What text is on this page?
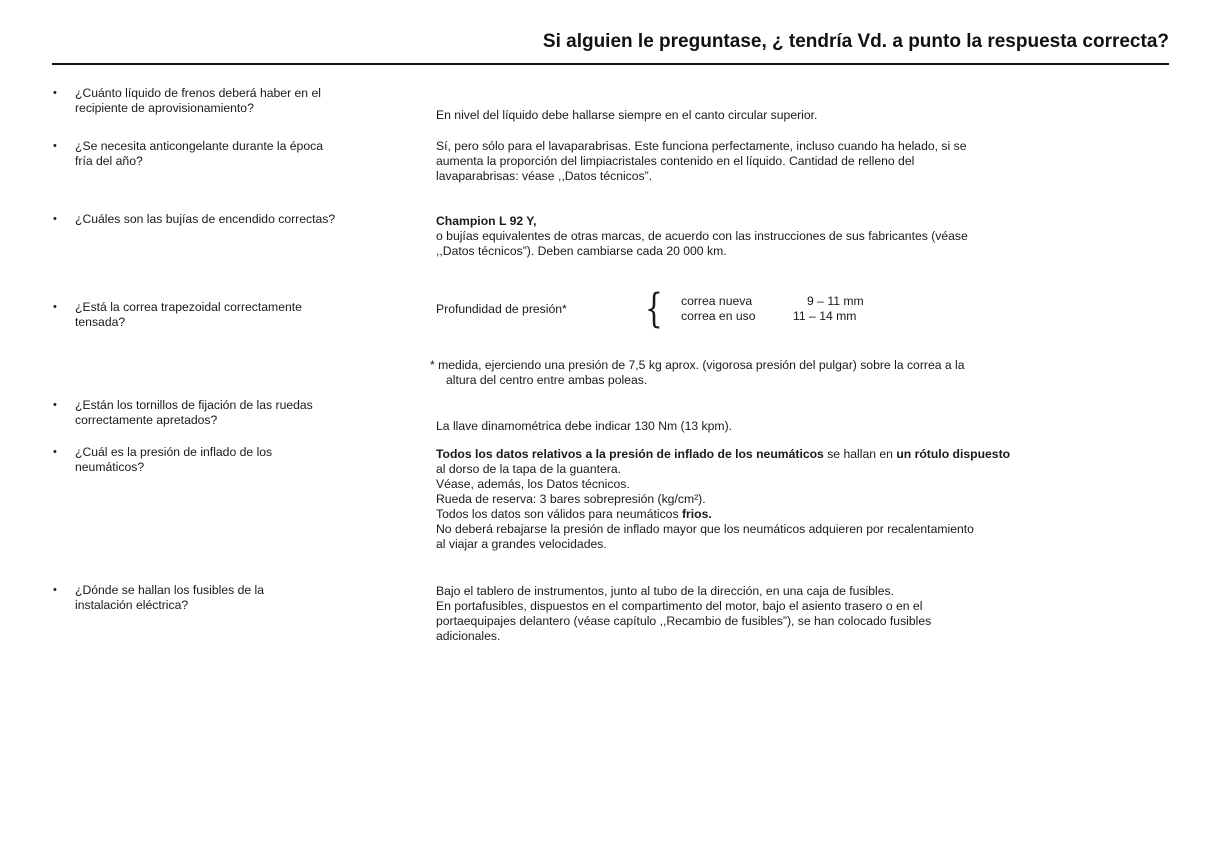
Si alguien le preguntase, ¿ tendría Vd. a punto la respuesta correcta?
•	¿Cuánto líquido de frenos deberá haber en el
recipiente de aprovisionamiento?	En nivel del líquido debe hallarse siempre en el canto circular superior.
•	¿Se necesita anticongelante durante la época
fría del año?
Sí, pero sólo para el lavaparabrisas. Este funciona perfectamente, incluso cuando ha helado, si se
aumenta la proporción del limpiacristales contenido en el líquido. Cantidad de relleno del
lavaparabrisas: véase ,,Datos técnicos”.
•	¿Cuáles son las bujías de encendido correctas?	Champion L 92 Y,
o bujías equivalentes de otras marcas, de acuerdo con las instrucciones de sus fabricantes (véase
,,Datos técnicos”). Deben cambiarse cada 20 000 km.
•	¿Está la correa trapezoidal correctamente
tensada?
Profundidad de presión*	{ correa nueva	9 – 11 mm
correa en uso	11 – 14 mm
* medida, ejerciendo una presión de 7,5 kg aprox. (vigorosa presión del pulgar) sobre la correa a la
altura del centro entre ambas poleas.
•	¿Están los tornillos de fijación de las ruedas
correctamente apretados?	La llave dinamométrica debe indicar 130 Nm (13 kpm).
•	¿Cuál es la presión de inflado de los
neumáticos?
Todos los datos relativos a la presión de inflado de los neumáticos se hallan en un rótulo dispuesto
al dorso de la tapa de la guantera.
Véase, además, los Datos técnicos.
Rueda de reserva: 3 bares sobrepresión (kg/cm²).
Todos los datos son válidos para neumáticos frios.
No deberá rebajarse la presión de inflado mayor que los neumáticos adquieren por recalentamiento
al viajar a grandes velocidades.
•	¿Dónde se hallan los fusibles de la
instalación eléctrica?
Bajo el tablero de instrumentos, junto al tubo de la dirección, en una caja de fusibles.
En portafusibles, dispuestos en el compartimento del motor, bajo el asiento trasero o en el
portaequipajes delantero (véase capítulo ,,Recambio de fusibles”), se han colocado fusibles
adicionales.
